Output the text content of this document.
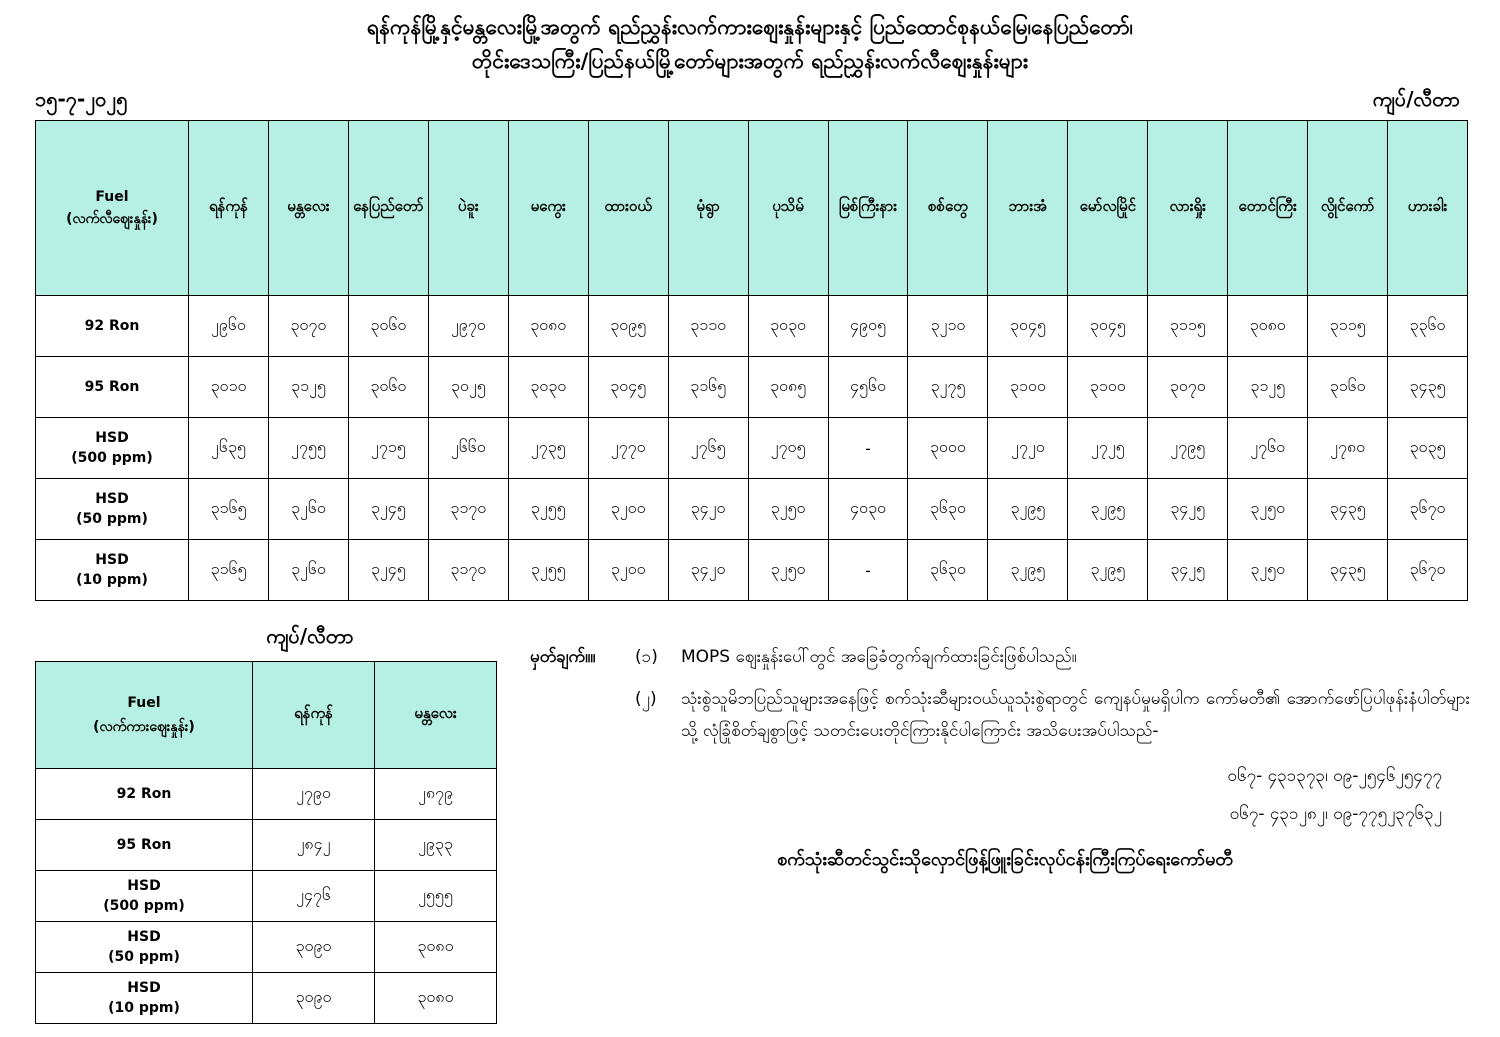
ရန်ကုန်မြို့နှင့်မန္တလေးမြို့အတွက် ရည်ညွှန်းလက်ကားဈေးနှုန်းများနှင့် ပြည်ထောင်စုနယ်မြေ၊နေပြည်တော်၊
တိုင်းဒေသကြီး/ပြည်နယ်မြို့တော်များအတွက် ရည်ညွှန်းလက်လီဈေးနှုန်းများ
၁၅-၇-၂၀၂၅	ကျပ်/လီတာ
Fuel
(လက်လီဈေးနှုန်း)	ရန်ကုန်	မန္တလေး	နေပြည်တော်	ပဲခူး	မကွေး	ထားဝယ်	မုံရွာ	ပုသိမ်	မြစ်ကြီးနား	စစ်တွေ	ဘားအံ	မော်လမြိုင်	လားရှိုး	တောင်ကြီး	လွိုင်ကော်	ဟားခါး

92 Ron	၂၉၆၀	၃၀၇၀	၃၀၆၀	၂၉၇၀	၃၀၈၀	၃၀၉၅	၃၁၁၀	၃၀၃၀	၄၉၀၅	၃၂၁၀	၃၀၄၅	၃၀၄၅	၃၁၁၅	၃၀၈၀	၃၁၁၅	၃၃၆၀

95 Ron	၃၀၁၀	၃၁၂၅	၃၀၆၀	၃၀၂၅	၃၀၃၀	၃၀၄၅	၃၁၆၅	၃၀၈၅	၄၅၆၀	၃၂၇၅	၃၁၀၀	၃၁၀၀	၃၀၇၀	၃၁၂၅	၃၁၆၀	၃၄၃၅

HSD
(500 ppm)	၂၆၃၅	၂၇၅၅	၂၇၁၅	၂၆၆၀	၂၇၃၅	၂၇၇၀	၂၇၆၅	၂၇၀၅	-	၃၀၀၀	၂၇၂၀	၂၇၂၅	၂၇၉၅	၂၇၆၀	၂၇၈၀	၃၀၃၅

HSD
(50 ppm)	၃၁၆၅	၃၂၆၀	၃၂၄၅	၃၁၇၀	၃၂၅၅	၃၂၀၀	၃၄၂၀	၃၂၅၀	၄၀၃၀	၃၆၃၀	၃၂၉၅	၃၂၉၅	၃၄၂၅	၃၂၅၀	၃၄၃၅	၃၆၇၀

HSD
(10 ppm)	၃၁၆၅	၃၂၆၀	၃၂၄၅	၃၁၇၀	၃၂၅၅	၃၂၀၀	၃၄၂၀	၃၂၅၀	-	၃၆၃၀	၃၂၉၅	၃၂၉၅	၃၄၂၅	၃၂၅၀	၃၄၃၅	၃၆၇၀
ကျပ်/လီတာ
Fuel
(လက်ကားဈေးနှုန်း)	ရန်ကုန်	မန္တလေး

92 Ron	၂၇၉၀	၂၈၇၉

95 Ron	၂၈၄၂	၂၉၃၃

HSD
(500 ppm)	၂၄၇၆	၂၅၅၅

HSD
(50 ppm)	၃၀၉၀	၃၀၈၀

HSD
(10 ppm)	၃၀၉၀	၃၀၈၀
မှတ်ချက်။။	(၁)	MOPS ဈေးနှုန်းပေါ်တွင် အခြေခံတွက်ချက်ထားခြင်းဖြစ်ပါသည်။
(၂)	သုံးစွဲသူမိဘပြည်သူများအနေဖြင့် စက်သုံးဆီများဝယ်ယူသုံးစွဲရာတွင် ကျေနပ်မှုမရှိပါက ကော်မတီ၏ အောက်ဖော်ပြပါဖုန်းနံပါတ်များသို့ လုံခြုံစိတ်ချစွာဖြင့် သတင်းပေးတိုင်ကြားနိုင်ပါကြောင်း အသိပေးအပ်ပါသည်-
၀၆၇- ၄၃၁၃၇၃၊ ၀၉-၂၅၄၆၂၅၄၇၇
၀၆၇- ၄၃၁၂၈၂၊ ၀၉-၇၇၅၂၃၇၆၃၂
စက်သုံးဆီတင်သွင်းသိုလှောင်ဖြန့်ဖြူးခြင်းလုပ်ငန်းကြီးကြပ်ရေးကော်မတီ
